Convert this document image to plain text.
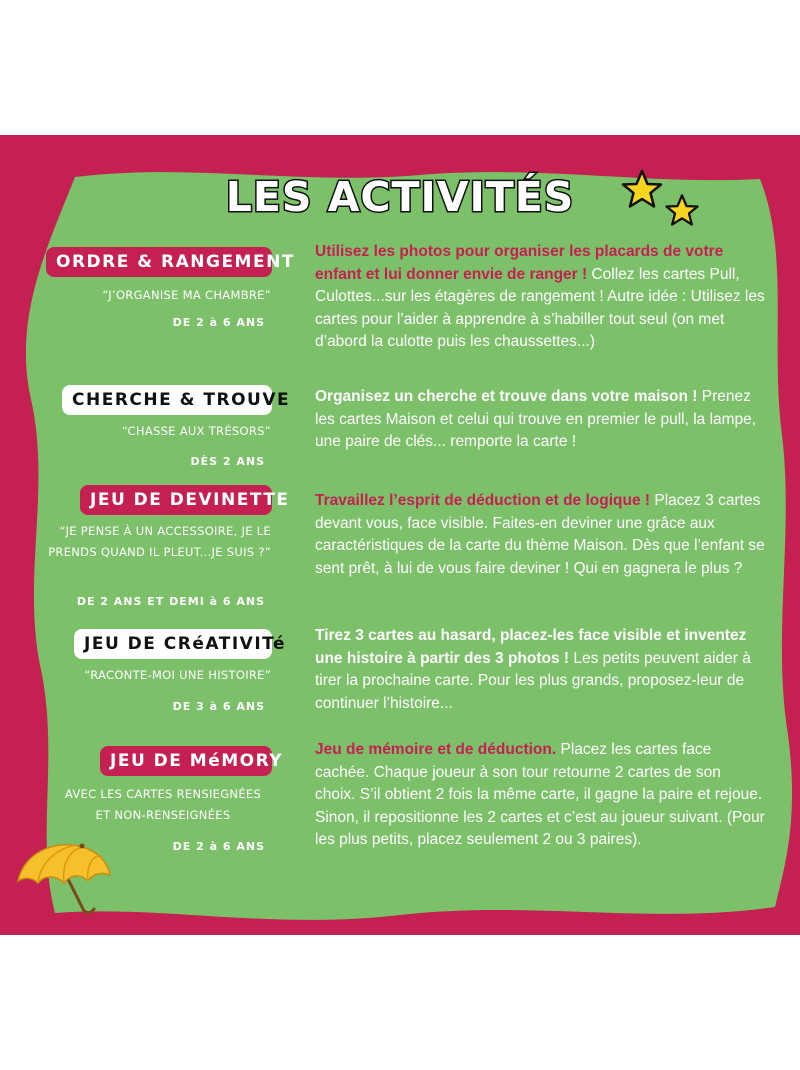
LES ACTIVITÉS
ORDRE & RANGEMENT
“J’ORGANISE MA CHAMBRE”
DE 2 à 6 ANS
Utilisez les photos pour organiser les placards de votre enfant et lui donner envie de ranger ! Collez les cartes Pull, Culottes...sur les étagères de rangement ! Autre idée : Utilisez les cartes pour l’aider à apprendre à s’habiller tout seul (on met d’abord la culotte puis les chaussettes...)
CHERCHE & TROUVE
“CHASSE AUX TRÉSORS”
DÈS 2 ANS
Organisez un cherche et trouve dans votre maison ! Prenez les cartes Maison et celui qui trouve en premier le pull, la lampe, une paire de clés... remporte la carte !
JEU DE DEVINETTE
“JE PENSE À UN ACCESSOIRE, JE LE PRENDS QUAND IL PLEUT...JE SUIS ?”
DE 2 ANS ET DEMI à 6 ANS
Travaillez l’esprit de déduction et de logique ! Placez 3 cartes devant vous, face visible. Faites-en deviner une grâce aux caractéristiques de la carte du thème Maison. Dès que l’enfant se sent prêt, à lui de vous faire deviner ! Qui en gagnera le plus ?
JEU DE CRéATIVITé
“RACONTE-MOI UNE HISTOIRE”
DE 3 à 6 ANS
Tirez 3 cartes au hasard, placez-les face visible et inventez une histoire à partir des 3 photos ! Les petits peuvent aider à tirer la prochaine carte. Pour les plus grands, proposez-leur de continuer l’histoire...
JEU DE MéMORY
AVEC LES CARTES RENSIEGNÉES ET NON-RENSEIGNÉES
DE 2 à 6 ANS
Jeu de mémoire et de déduction. Placez les cartes face cachée. Chaque joueur à son tour retourne 2 cartes de son choix. S’il obtient 2 fois la même carte, il gagne la paire et rejoue. Sinon, il repositionne les 2 cartes et c’est au joueur suivant. (Pour les plus petits, placez seulement 2 ou 3 paires).
